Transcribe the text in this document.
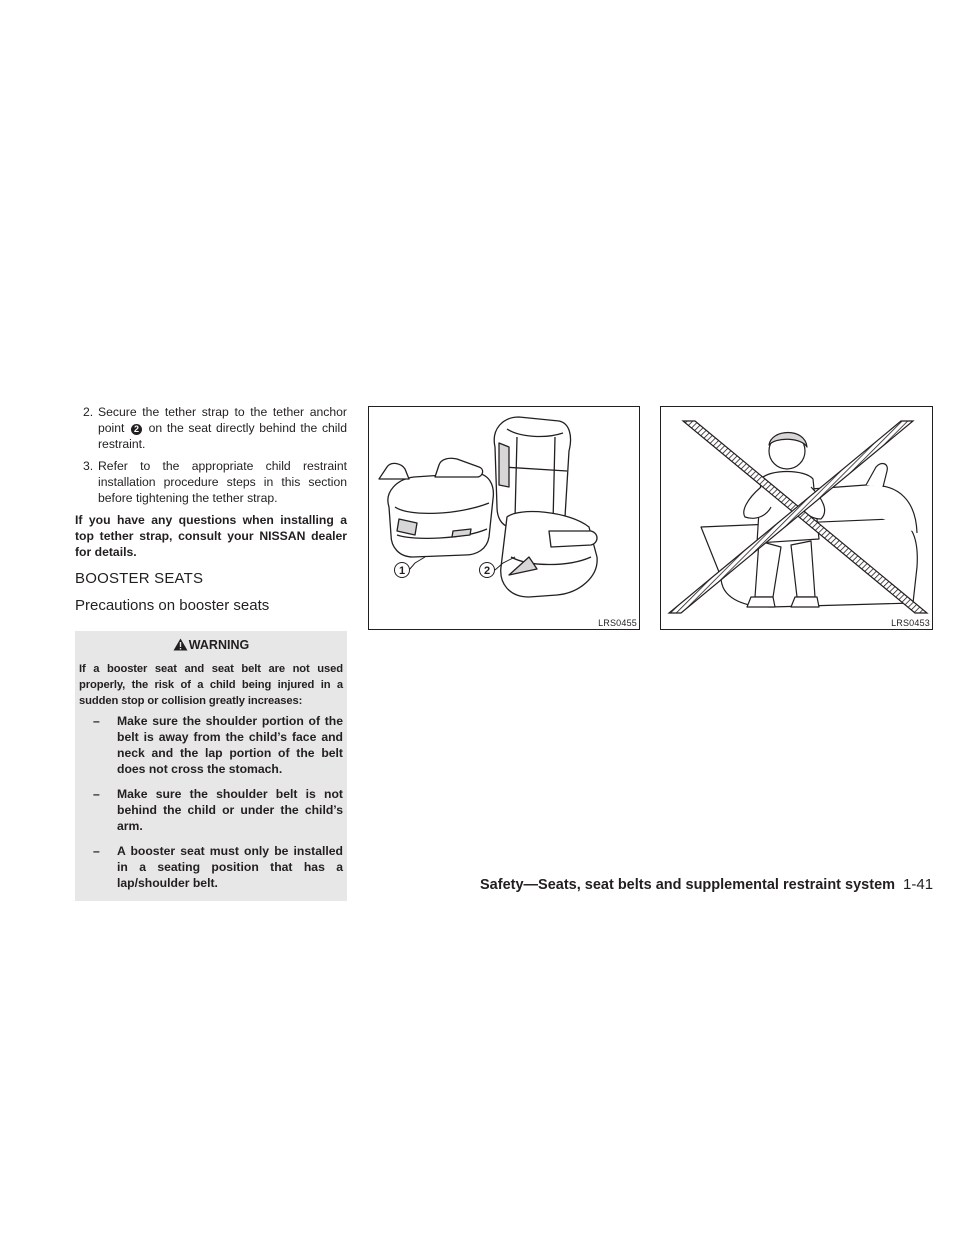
2. Secure the tether strap to the tether anchor point 2 on the seat directly behind the child restraint.

3. Refer to the appropriate child restraint installation procedure steps in this section before tightening the tether strap.

If you have any questions when installing a top tether strap, consult your NISSAN dealer for details.

BOOSTER SEATS
Precautions on booster seats
WARNING

If a booster seat and seat belt are not used properly, the risk of a child being injured in a sudden stop or collision greatly increases:

– Make sure the shoulder portion of the belt is away from the child’s face and neck and the lap portion of the belt does not cross the stomach.

– Make sure the shoulder belt is not behind the child or under the child’s arm.

– A booster seat must only be installed in a seating position that has a lap/shoulder belt.

1	2
LRS0455	LRS0453
Safety—Seats, seat belts and supplemental restraint system 1-41
